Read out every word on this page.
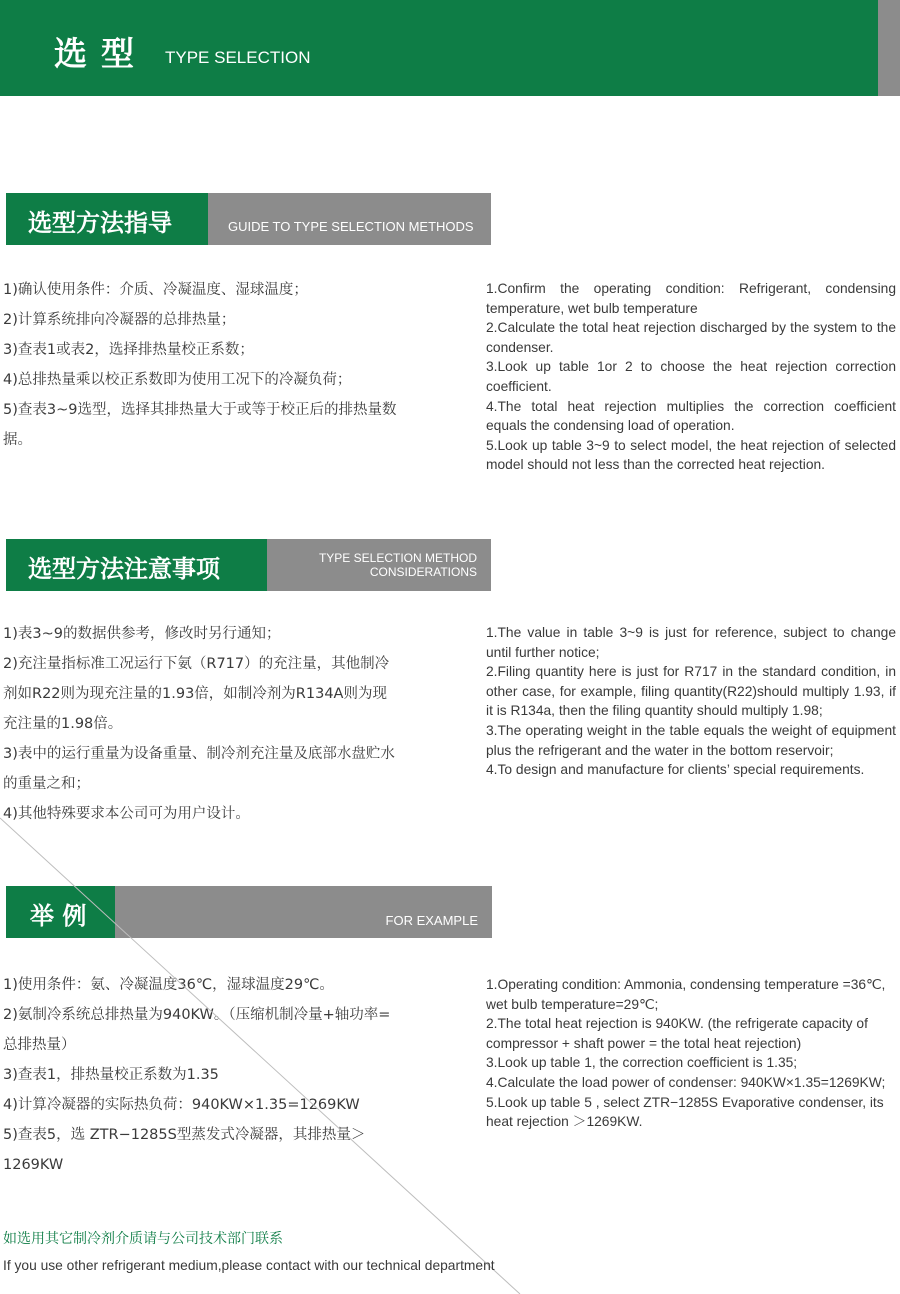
选型 TYPE SELECTION
选型方法指导	GUIDE TO TYPE SELECTION METHODS

1)确认使用条件：介质、冷凝温度、湿球温度；

2)计算系统排向冷凝器的总排热量；

3)查表1或表2，选择排热量校正系数；

4)总排热量乘以校正系数即为使用工况下的冷凝负荷；

5)查表3~9选型，选择其排热量大于或等于校正后的排热量数据。

1.Confirm the operating condition: Refrigerant, condensing temperature, wet bulb temperature

2.Calculate the total heat rejection discharged by the system to the condenser.

3.Look up table 1or 2 to choose the heat rejection correction coefficient.

4.The total heat rejection multiplies the correction coefficient equals the condensing load of operation.

5.Look up table 3~9 to select model, the heat rejection of selected model should not less than the corrected heat rejection.

选型方法注意事项	TYPE SELECTION METHOD
CONSIDERATIONS

1)表3~9的数据供参考，修改时另行通知；

2)充注量指标准工况运行下氨（R717）的充注量，其他制冷剂如R22则为现充注量的1.93倍，如制冷剂为R134A则为现充注量的1.98倍。

3)表中的运行重量为设备重量、制冷剂充注量及底部水盘贮水的重量之和；

4)其他特殊要求本公司可为用户设计。

1.The value in table 3~9 is just for reference, subject to change until further notice;

2.Filing quantity here is just for R717 in the standard condition, in other case, for example, filing quantity(R22)should multiply 1.93, if it is R134a, then the filing quantity should multiply 1.98;

3.The operating weight in the table equals the weight of equipment plus the refrigerant and the water in the bottom reservoir;

4.To design and manufacture for clients’ special requirements.

举 例	FOR EXAMPLE

1)使用条件：氨、冷凝温度36℃，湿球温度29℃。

2)氨制冷系统总排热量为940KW。（压缩机制冷量+轴功率=总排热量）

3)查表1，排热量校正系数为1.35

4)计算冷凝器的实际热负荷：940KW×1.35=1269KW

5)查表5，选 ZTR−1285S型蒸发式冷凝器，其排热量＞1269KW

1.Operating condition: Ammonia, condensing temperature =36℃, wet bulb temperature=29℃;

2.The total heat rejection is 940KW. (the refrigerate capacity of compressor + shaft power = the total heat rejection)

3.Look up table 1, the correction coefficient is 1.35;

4.Calculate the load power of condenser: 940KW×1.35=1269KW;

5.Look up table 5 , select ZTR−1285S Evaporative condenser, its heat rejection ＞1269KW.

如选用其它制冷剂介质请与公司技术部门联系
If you use other refrigerant medium,please contact with our technical department
